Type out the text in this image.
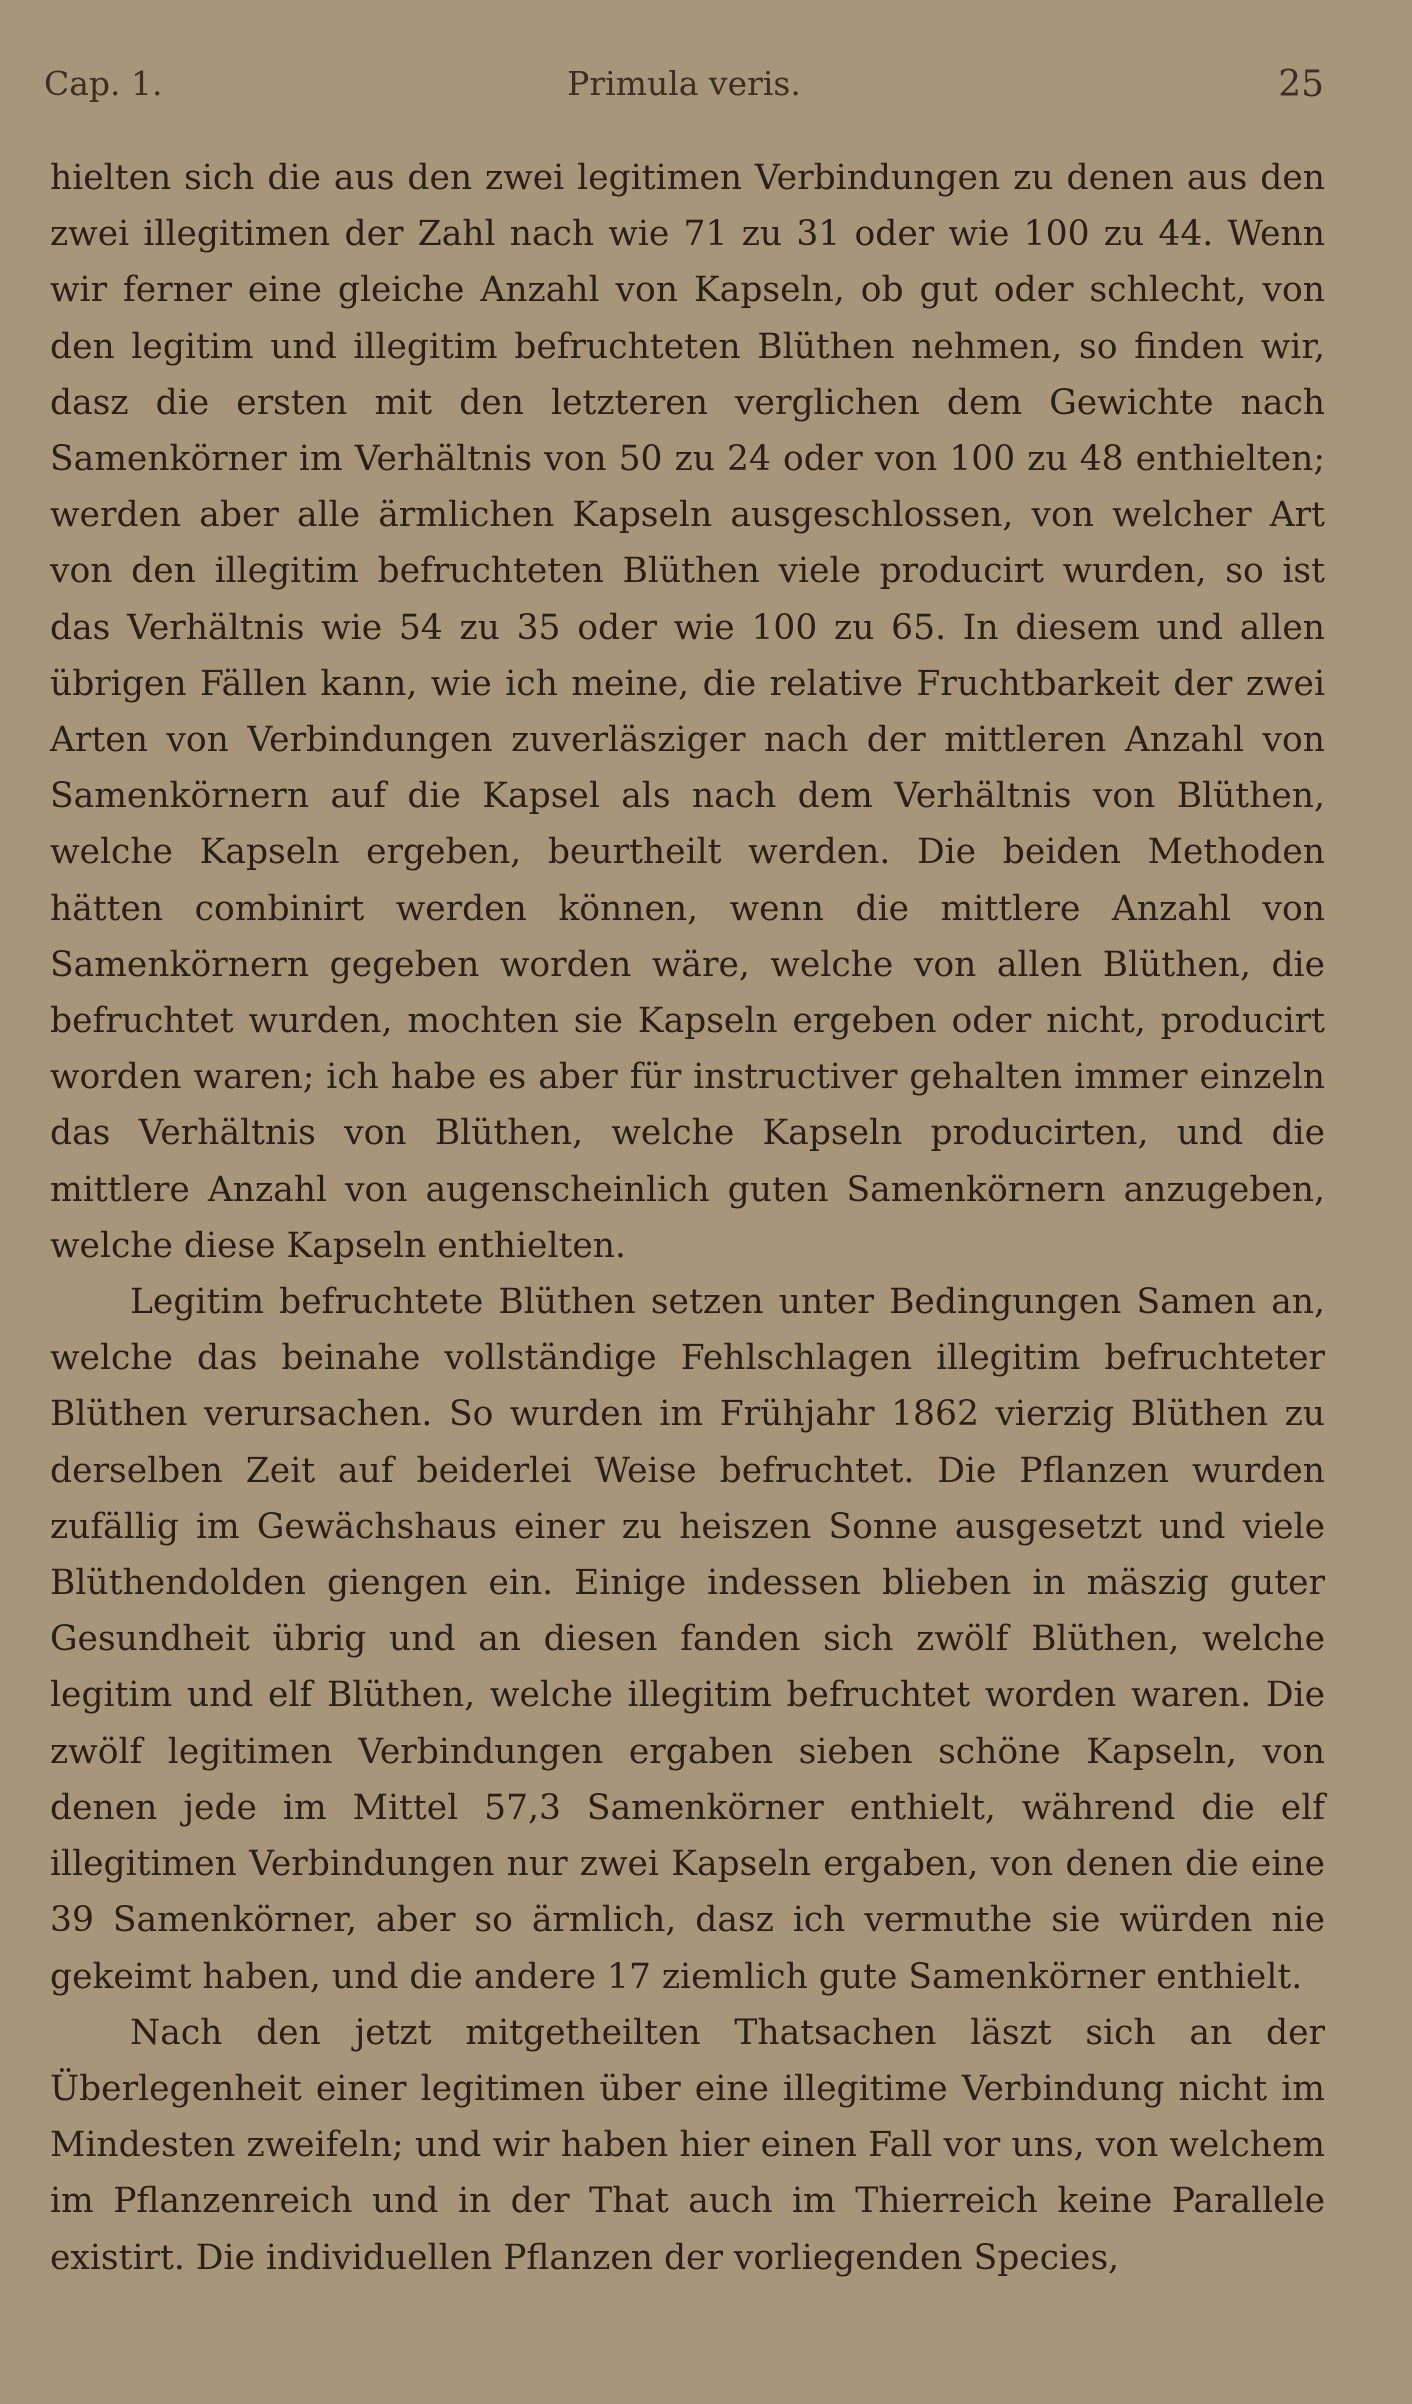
Cap. 1.	Primula veris.	25

hielten sich die aus den zwei legitimen Verbindungen zu denen aus den zwei illegitimen der Zahl nach wie 71 zu 31 oder wie 100 zu 44. Wenn wir ferner eine gleiche Anzahl von Kapseln, ob gut oder schlecht, von den legitim und illegitim befruchteten Blüthen nehmen, so finden wir, dasz die ersten mit den letzteren verglichen dem Gewichte nach Samenkörner im Verhältnis von 50 zu 24 oder von 100 zu 48 enthielten; werden aber alle ärmlichen Kapseln ausgeschlossen, von welcher Art von den illegitim befruchteten Blüthen viele producirt wurden, so ist das Verhältnis wie 54 zu 35 oder wie 100 zu 65. In diesem und allen übrigen Fällen kann, wie ich meine, die relative Fruchtbarkeit der zwei Arten von Verbindungen zuverläsziger nach der mittleren Anzahl von Samenkörnern auf die Kapsel als nach dem Verhältnis von Blüthen, welche Kapseln ergeben, beurtheilt werden. Die beiden Methoden hätten combinirt werden können, wenn die mittlere Anzahl von Samenkörnern gegeben worden wäre, welche von allen Blüthen, die befruchtet wurden, mochten sie Kapseln ergeben oder nicht, producirt worden waren; ich habe es aber für instructiver gehalten immer einzeln das Verhältnis von Blüthen, welche Kapseln producirten, und die mittlere Anzahl von augenscheinlich guten Samenkörnern anzugeben, welche diese Kapseln enthielten.

Legitim befruchtete Blüthen setzen unter Bedingungen Samen an, welche das beinahe vollständige Fehlschlagen illegitim befruchteter Blüthen verursachen. So wurden im Frühjahr 1862 vierzig Blüthen zu derselben Zeit auf beiderlei Weise befruchtet. Die Pflanzen wurden zufällig im Gewächshaus einer zu heiszen Sonne ausgesetzt und viele Blüthendolden giengen ein. Einige indessen blieben in mäszig guter Gesundheit übrig und an diesen fanden sich zwölf Blüthen, welche legitim und elf Blüthen, welche illegitim befruchtet worden waren. Die zwölf legitimen Verbindungen ergaben sieben schöne Kapseln, von denen jede im Mittel 57,3 Samenkörner enthielt, während die elf illegitimen Verbindungen nur zwei Kapseln ergaben, von denen die eine 39 Samenkörner, aber so ärmlich, dasz ich vermuthe sie würden nie gekeimt haben, und die andere 17 ziemlich gute Samenkörner enthielt.

Nach den jetzt mitgetheilten Thatsachen läszt sich an der Überlegenheit einer legitimen über eine illegitime Verbindung nicht im Mindesten zweifeln; und wir haben hier einen Fall vor uns, von welchem im Pflanzenreich und in der That auch im Thierreich keine Parallele existirt. Die individuellen Pflanzen der vorliegenden Species,
